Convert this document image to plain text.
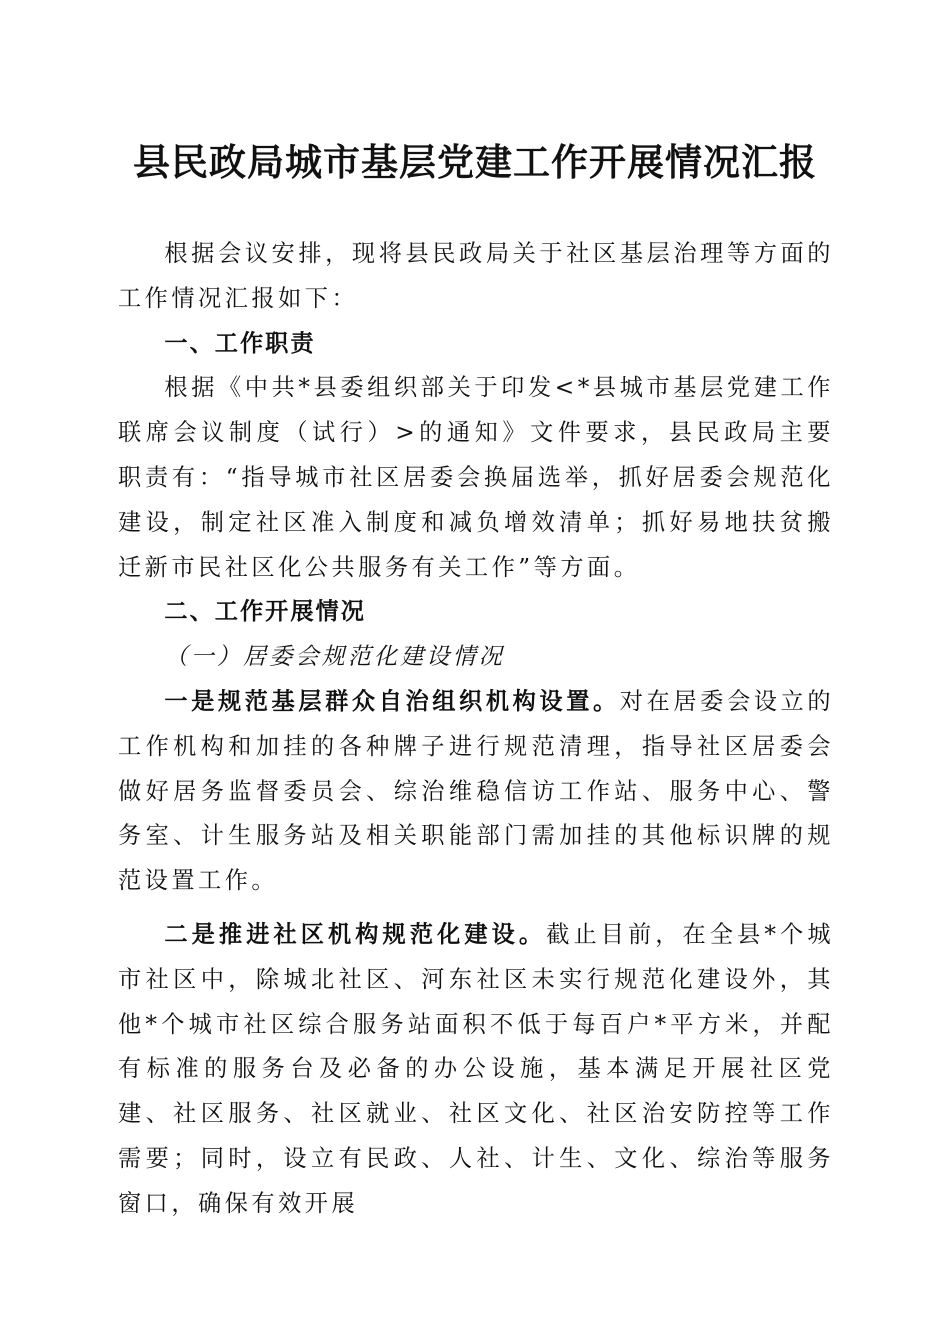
县民政局城市基层党建工作开展情况汇报

根据会议安排，现将县民政局关于社区基层治理等方面的工作情况汇报如下：

一、工作职责

根据《中共*县委组织部关于印发<*县城市基层党建工作联席会议制度（试行）>的通知》文件要求，县民政局主要职责有：“指导城市社区居委会换届选举，抓好居委会规范化建设，制定社区准入制度和减负增效清单；抓好易地扶贫搬迁新市民社区化公共服务有关工作”等方面。

二、工作开展情况

（一）居委会规范化建设情况

一是规范基层群众自治组织机构设置。对在居委会设立的工作机构和加挂的各种牌子进行规范清理，指导社区居委会做好居务监督委员会、综治维稳信访工作站、服务中心、警务室、计生服务站及相关职能部门需加挂的其他标识牌的规范设置工作。

二是推进社区机构规范化建设。截止目前，在全县*个城市社区中，除城北社区、河东社区未实行规范化建设外，其他*个城市社区综合服务站面积不低于每百户*平方米，并配有标准的服务台及必备的办公设施，基本满足开展社区党建、社区服务、社区就业、社区文化、社区治安防控等工作需要；同时，设立有民政、人社、计生、文化、综治等服务窗口，确保有效开展
